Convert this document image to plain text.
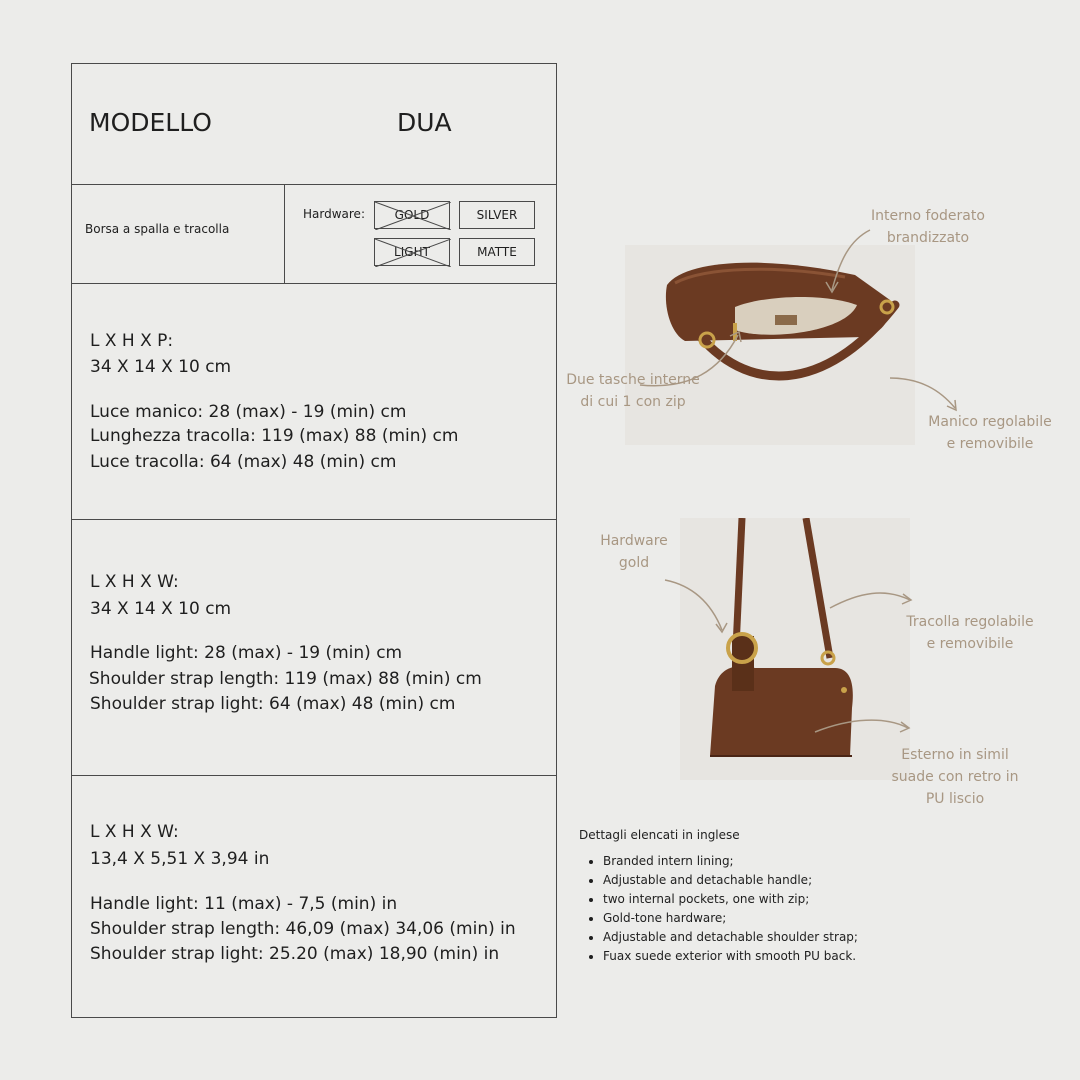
MODELLO	DUA
Borsa a spalla e tracolla
Hardware: GOLD	SILVER
LIGHT	MATTE
L X H X P:
34 X 14 X 10 cm
Luce manico: 28 (max) - 19 (min) cm
Lunghezza tracolla: 119 (max) 88 (min) cm
Luce tracolla: 64 (max) 48 (min) cm
L X H X W:
34 X 14 X 10 cm
Handle light: 28 (max) - 19 (min) cm
Shoulder strap length: 119 (max) 88 (min) cm
Shoulder strap light: 64 (max) 48 (min) cm
L X H X W:
13,4 X 5,51 X 3,94 in
Handle light: 11 (max) - 7,5 (min) in
Shoulder strap length: 46,09 (max) 34,06 (min) in
Shoulder strap light: 25.20 (max) 18,90 (min) in
Interno foderato
brandizzato
Due tasche interne
di cui 1 con zip
Manico regolabile
e removibile
Hardware
gold
Tracolla regolabile
e removibile
Esterno in simil
suade con retro in
PU liscio
Dettagli elencati in inglese
• Branded intern lining;
• Adjustable and detachable handle;
• two internal pockets, one with zip;
• Gold-tone hardware;
• Adjustable and detachable shoulder strap;
• Fuax suede exterior with smooth PU back.
